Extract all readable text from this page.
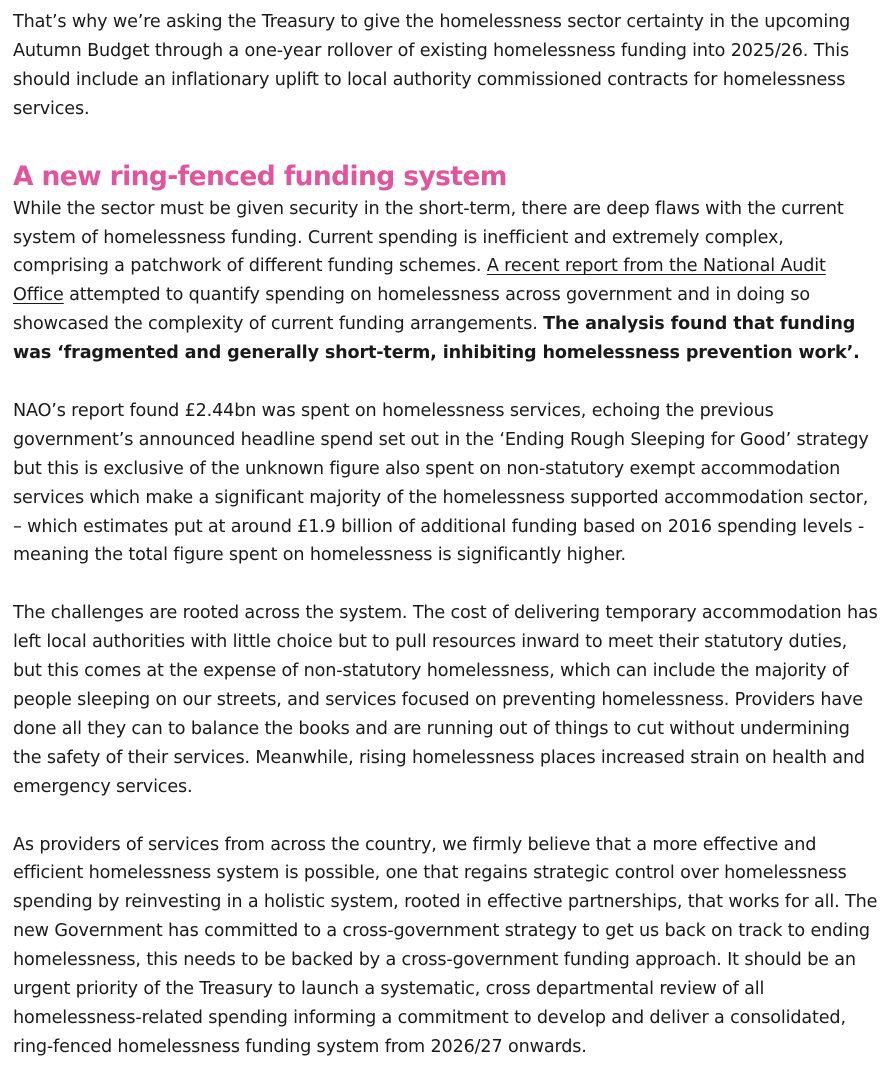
That’s why we’re asking the Treasury to give the homelessness sector certainty in the upcoming Autumn Budget through a one-year rollover of existing homelessness funding into 2025/26. This should include an inflationary uplift to local authority commissioned contracts for homelessness services.

A new ring-fenced funding system

While the sector must be given security in the short-term, there are deep flaws with the current system of homelessness funding. Current spending is inefficient and extremely complex, comprising a patchwork of different funding schemes. A recent report from the National Audit Office attempted to quantify spending on homelessness across government and in doing so showcased the complexity of current funding arrangements. The analysis found that funding was ‘fragmented and generally short-term, inhibiting homelessness prevention work’.

NAO’s report found £2.44bn was spent on homelessness services, echoing the previous government’s announced headline spend set out in the ‘Ending Rough Sleeping for Good’ strategy but this is exclusive of the unknown figure also spent on non-statutory exempt accommodation services which make a significant majority of the homelessness supported accommodation sector, – which estimates put at around £1.9 billion of additional funding based on 2016 spending levels - meaning the total figure spent on homelessness is significantly higher.

The challenges are rooted across the system. The cost of delivering temporary accommodation has left local authorities with little choice but to pull resources inward to meet their statutory duties, but this comes at the expense of non-statutory homelessness, which can include the majority of people sleeping on our streets, and services focused on preventing homelessness. Providers have done all they can to balance the books and are running out of things to cut without undermining the safety of their services. Meanwhile, rising homelessness places increased strain on health and emergency services.

As providers of services from across the country, we firmly believe that a more effective and efficient homelessness system is possible, one that regains strategic control over homelessness spending by reinvesting in a holistic system, rooted in effective partnerships, that works for all. The new Government has committed to a cross-government strategy to get us back on track to ending homelessness, this needs to be backed by a cross-government funding approach. It should be an urgent priority of the Treasury to launch a systematic, cross departmental review of all homelessness-related spending informing a commitment to develop and deliver a consolidated, ring-fenced homelessness funding system from 2026/27 onwards.
